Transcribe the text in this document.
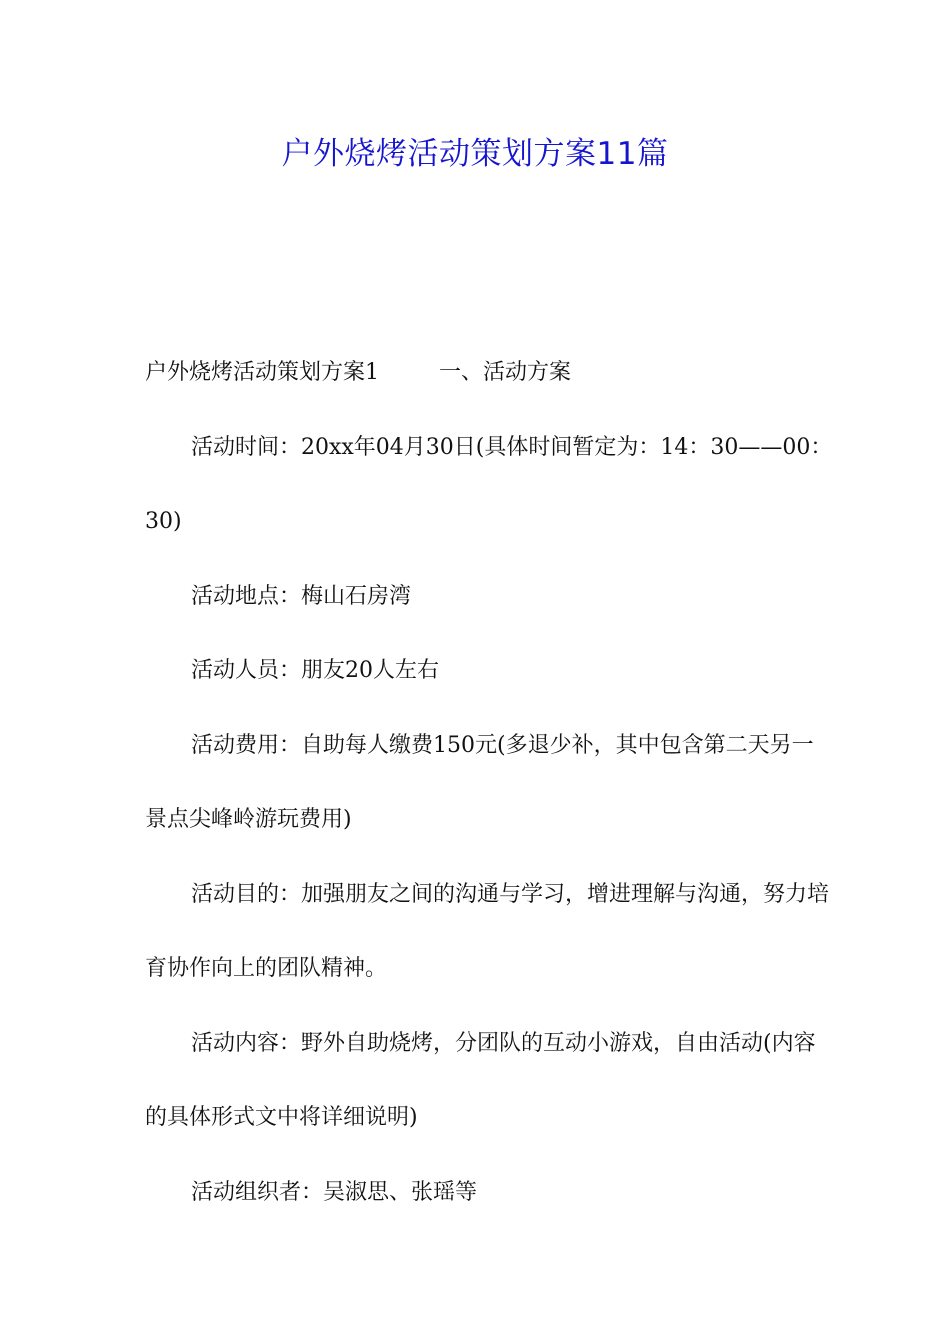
户外烧烤活动策划方案11篇

户外烧烤活动策划方案1	一、活动方案

活动时间：20xx年04月30日(具体时间暂定为：14：30——00：30)

活动地点：梅山石房湾

活动人员：朋友20人左右

活动费用：自助每人缴费150元(多退少补，其中包含第二天另一景点尖峰岭游玩费用)

活动目的：加强朋友之间的沟通与学习，增进理解与沟通，努力培育协作向上的团队精神。

活动内容：野外自助烧烤，分团队的互动小游戏，自由活动(内容的具体形式文中将详细说明)

活动组织者：吴淑思、张瑶等
